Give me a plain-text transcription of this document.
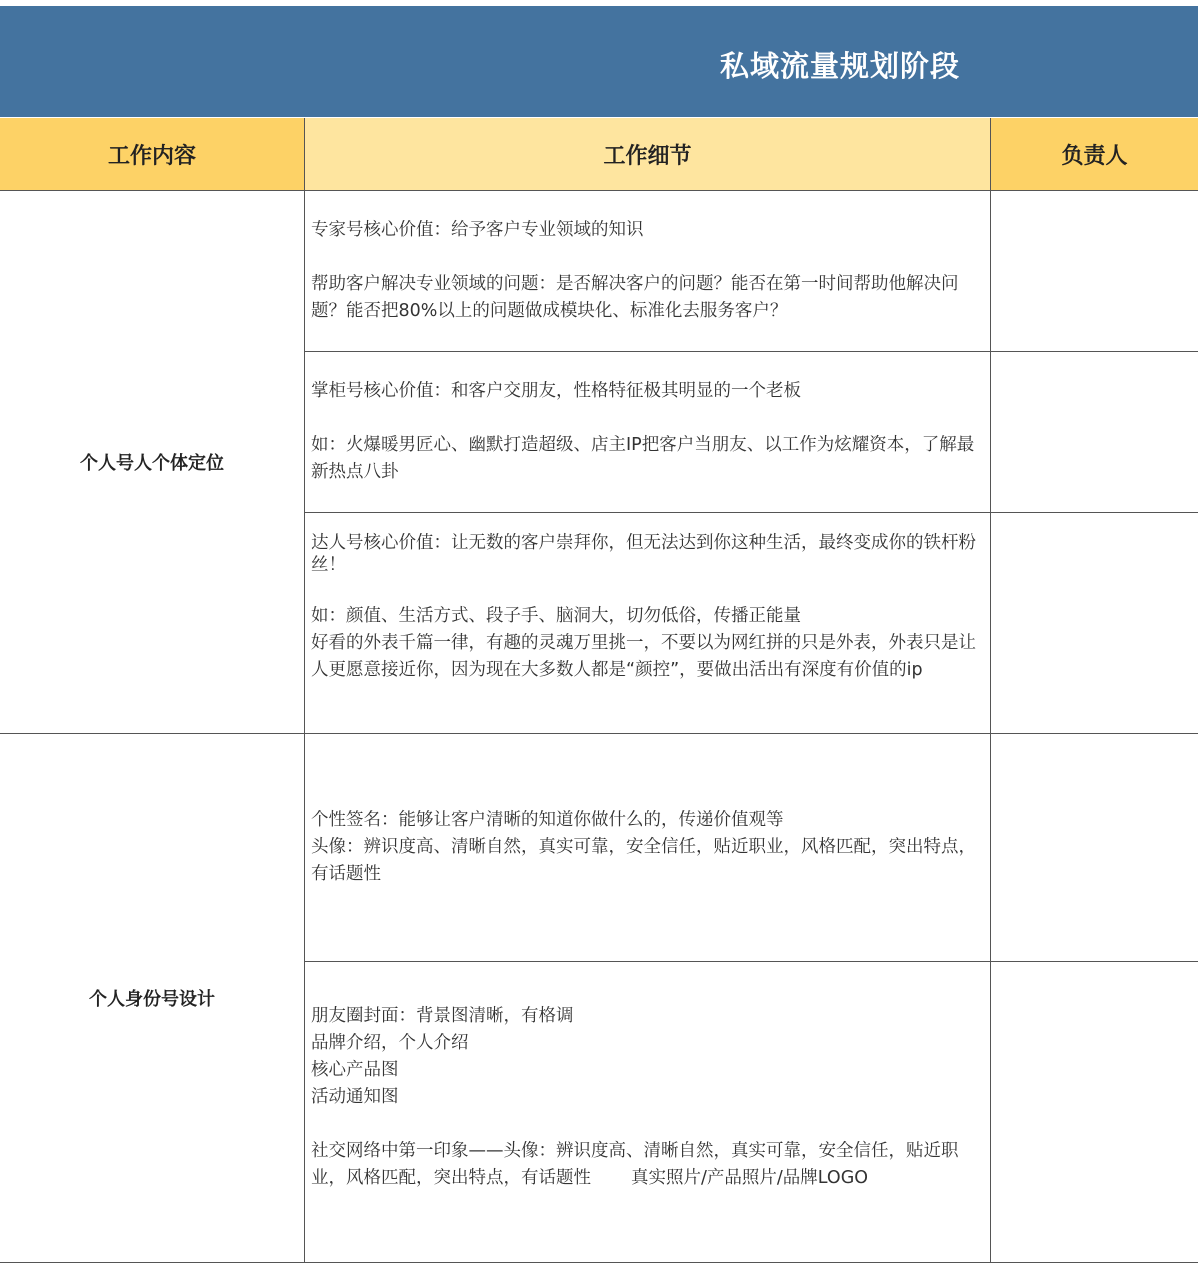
私域流量规划阶段
工作内容	工作细节	负责人
个人号人个体定位

专家号核心价值：给予客户专业领域的知识

帮助客户解决专业领域的问题：是否解决客户的问题？能否在第一时间帮助他解决问题？能否把80%以上的问题做成模块化、标准化去服务客户？

掌柜号核心价值：和客户交朋友，性格特征极其明显的一个老板

如：火爆暖男匠心、幽默打造超级、店主IP把客户当朋友、以工作为炫耀资本，了解最新热点八卦

达人号核心价值：让无数的客户崇拜你，但无法达到你这种生活，最终变成你的铁杆粉丝！

如：颜值、生活方式、段子手、脑洞大，切勿低俗，传播正能量

好看的外表千篇一律，有趣的灵魂万里挑一，不要以为网红拼的只是外表，外表只是让人更愿意接近你，因为现在大多数人都是“颜控”，要做出活出有深度有价值的ip

个人身份号设计

个性签名：能够让客户清晰的知道你做什么的，传递价值观等

头像：辨识度高、清晰自然，真实可靠，安全信任，贴近职业，风格匹配，突出特点，有话题性

朋友圈封面：背景图清晰，有格调

品牌介绍，个人介绍

核心产品图

活动通知图

社交网络中第一印象——头像：辨识度高、清晰自然，真实可靠，安全信任，贴近职业，风格匹配，突出特点，有话题性 真实照片/产品照片/品牌LOGO
